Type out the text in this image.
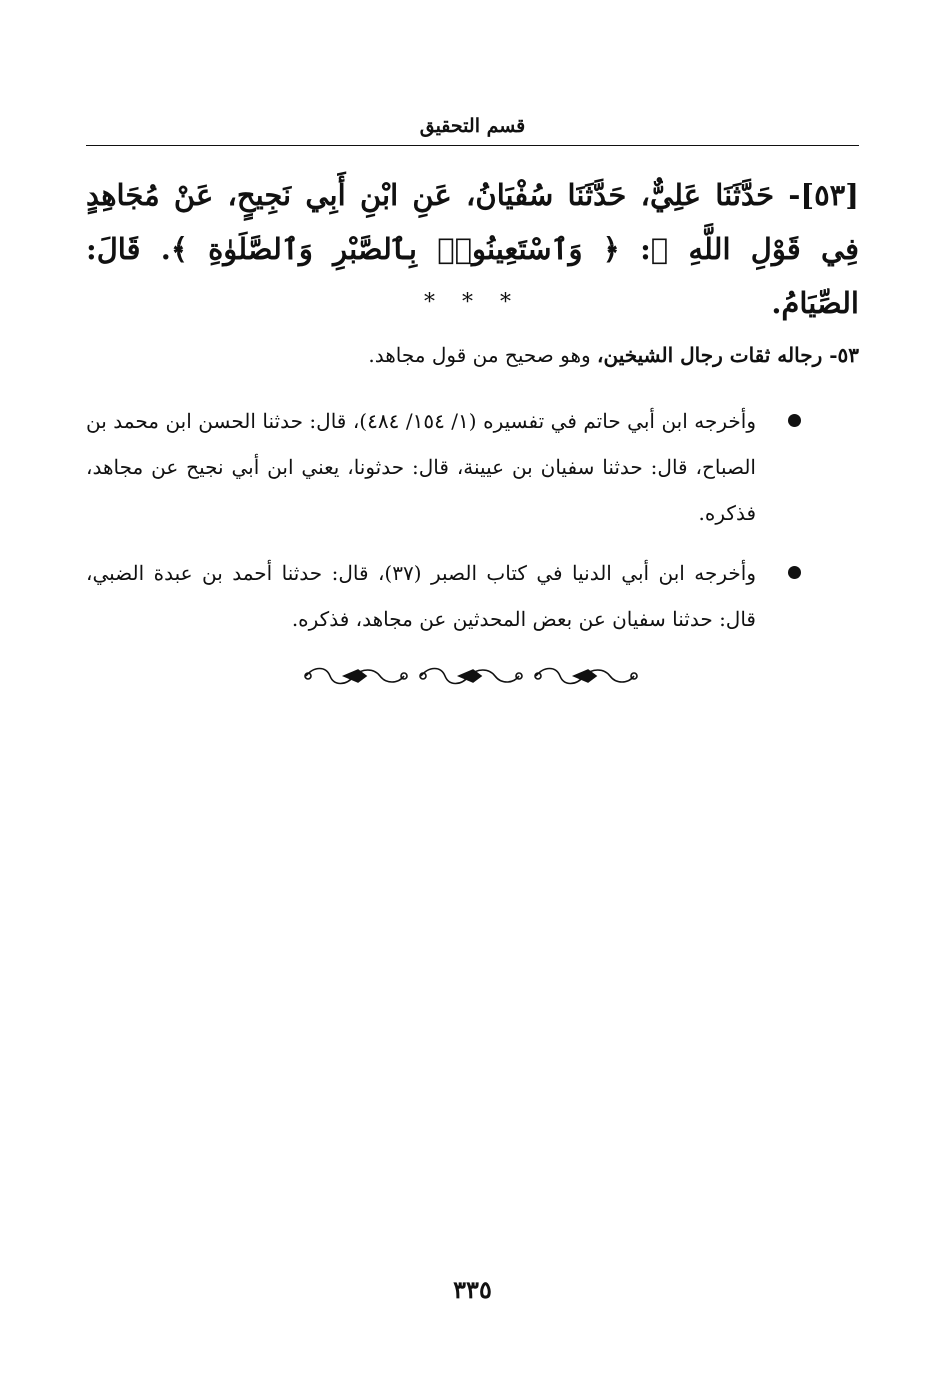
قسم التحقيق
[٥٣]- حَدَّثَنَا عَلِيٌّ، حَدَّثَنَا سُفْيَانُ، عَنِ ابْنِ أَبِي نَجِيحٍ، عَنْ مُجَاهِدٍ فِي قَوْلِ اللَّهِ ﷻ: ﴿ وَٱسْتَعِينُوا۟ بِٱلصَّبْرِ وَٱلصَّلَوٰةِ ﴾. قَالَ: الصِّيَامُ.
* * *
٥٣- رجاله ثقات رجال الشيخين، وهو صحيح من قول مجاهد.
وأخرجه ابن أبي حاتم في تفسيره (١/ ١٥٤/ ٤٨٤)، قال: حدثنا الحسن ابن محمد بن الصباح، قال: حدثنا سفيان بن عيينة، قال: حدثونا، يعني ابن أبي نجيح عن مجاهد، فذكره.
وأخرجه ابن أبي الدنيا في كتاب الصبر (٣٧)، قال: حدثنا أحمد بن عبدة الضبي، قال: حدثنا سفيان عن بعض المحدثين عن مجاهد، فذكره.
٣٣٥
